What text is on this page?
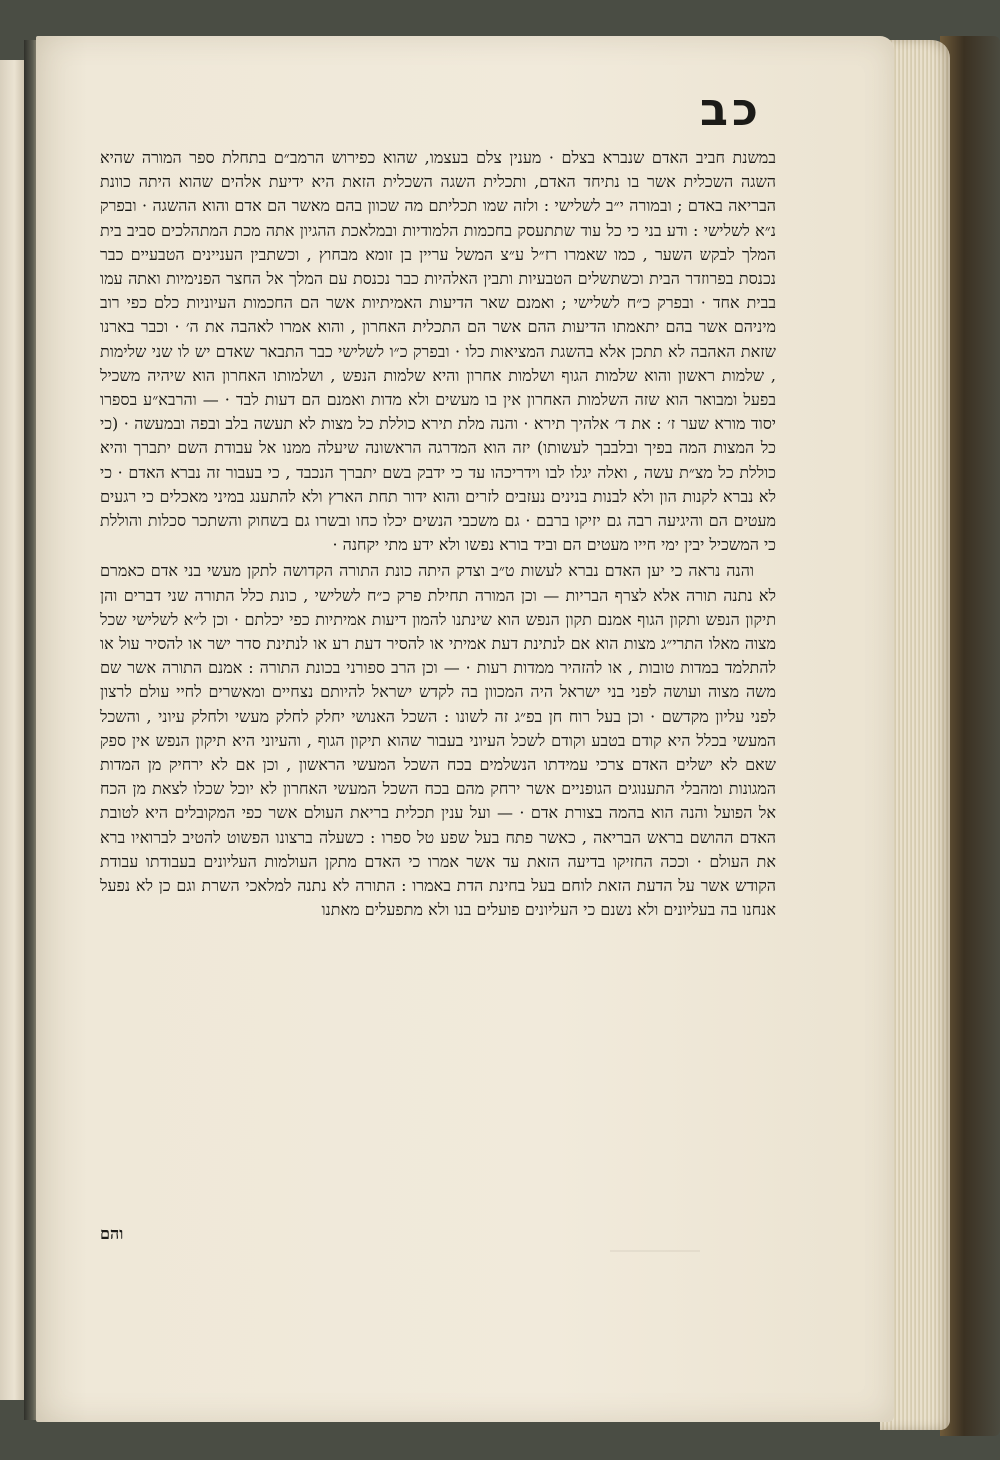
כב

במשנת חביב האדם שנברא בצלם · מענין צלם בעצמו, שהוא כפירוש הרמב״ם בתחלת ספר המורה שהיא השגה השכלית אשר בו נתיחד האדם, ותכלית השגה השכלית הזאת היא ידיעת אלהים שהוא היתה כוונת הבריאה באדם ; ובמורה י״ב לשלישי : ולזה שמו תכליתם מה שכוון בהם מאשר הם אדם והוא ההשגה · ובפרק נ״א לשלישי : ודע בני כי כל עוד שתתעסק בחכמות הלמודיות ובמלאכת ההגיון אתה מכת המתהלכים סביב בית המלך לבקש השער , כמו שאמרו רז״ל ע״צ המשל עריין בן זומא מבחוץ , וכשתבין העניינים הטבעיים כבר נכנסת בפרוזדר הבית וכשתשלים הטבעיות ותבין האלהיות כבר נכנסת עם המלך אל החצר הפנימיות ואתה עמו בבית אחד · ובפרק כ״ח לשלישי ; ואמנם שאר הדיעות האמיתיות אשר הם החכמות העיוניות כלם כפי רוב מיניהם אשר בהם יתאמתו הדיעות ההם אשר הם התכלית האחרון , והוא אמרו לאהבה את ה׳ · וכבר בארנו שזאת האהבה לא תתכן אלא בהשגת המציאות כלו · ובפרק כ״ו לשלישי כבר התבאר שאדם יש לו שני שלימות , שלמות ראשון והוא שלמות הגוף ושלמות אחרון והיא שלמות הנפש , ושלמותו האחרון הוא שיהיה משכיל בפעל ומבואר הוא שזה השלמות האחרון אין בו מעשים ולא מדות ואמנם הם דעות לבד · — והרבא״ע בספרו יסוד מורא שער ז׳ : את ד׳ אלהיך תירא · והנה מלת תירא כוללת כל מצות לא תעשה בלב ובפה ובמעשה · (כי כל המצות המה בפיך ובלבבך לעשותו) יזה הוא המדרגה הראשונה שיעלה ממנו אל עבודת השם יתברך והיא כוללת כל מצ״ת עשה , ואלה יגלו לבו וידריכהו עד כי ידבק בשם יתברך הנכבד , כי בעבור זה נברא האדם · כי לא נברא לקנות הון ולא לבנות בנינים נעזבים לזרים והוא ידור תחת הארץ ולא להתענג במיני מאכלים כי רגעים מעטים הם והיגיעה רבה גם יזיקו ברבם · גם משכבי הנשים יכלו כחו ובשרו גם בשחוק והשתכר סכלות והוללת כי המשכיל יבין ימי חייו מעטים הם וביד בורא נפשו ולא ידע מתי יקחנה ·

והנה נראה כי יען האדם נברא לעשות ט״ב וצדק היתה כונת התורה הקדושה לתקן מעשי בני אדם כאמרם לא נתנה תורה אלא לצרף הבריות — וכן המורה תחילת פרק כ״ח לשלישי , כונת כלל התורה שני דברים והן תיקון הנפש ותקון הגוף אמנם תקון הנפש הוא שינתנו להמון דיעות אמיתיות כפי יכלתם · וכן ל״א לשלישי שכל מצוה מאלו התרי״ג מצות הוא אם לנתינת דעת אמיתי או להסיר דעת רע או לנתינת סדר ישר או להסיר עול או להתלמד במדות טובות , או להזהיר ממדות רעות · — וכן הרב ספורני בכונת התורה : אמנם התורה אשר שם משה מצוה ועושה לפני בני ישראל היה המכוון בה לקדש ישראל להיותם נצחיים ומאשרים לחיי עולם לרצון לפני עליון מקדשם · וכן בעל רוח חן בפ״ג זה לשונו : השכל האנושי יחלק לחלק מעשי ולחלק עיוני , והשכל המעשי בכלל היא קודם בטבע וקודם לשכל העיוני בעבור שהוא תיקון הגוף , והעיוני היא תיקון הנפש אין ספק שאם לא ישלים האדם צרכי עמידתו הנשלמים בכח השכל המעשי הראשון , וכן אם לא ירחיק מן המדות המגונות ומהבלי התענוגים הגופניים אשר ירחק מהם בכח השכל המעשי האחרון לא יוכל שכלו לצאת מן הכח אל הפועל והנה הוא בהמה בצורת אדם · — ועל ענין תכלית בריאת העולם אשר כפי המקובלים היא לטובת האדם ההושם בראש הבריאה , כאשר פתח בעל שפע טל ספרו : כשעלה ברצונו הפשוט להטיב לברואיו ברא את העולם · וככה החזיקו בדיעה הזאת עד אשר אמרו כי האדם מתקן העולמות העליונים בעבודתו עבודת הקודש אשר על הדעת הזאת לוחם בעל בחינת הדת באמרו : התורה לא נתנה למלאכי השרת וגם כן לא נפעל אנחנו בה בעליונים ולא נשנם כי העליונים פועלים בנו ולא מתפעלים מאתנו

והם
